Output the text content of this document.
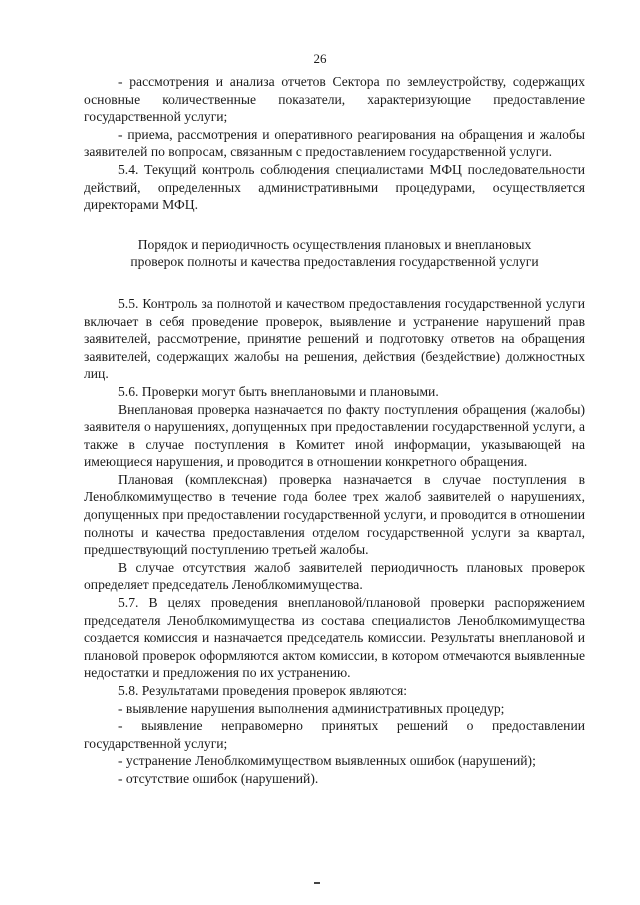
26

- рассмотрения и анализа отчетов Сектора по землеустройству, содержащих основные количественные показатели, характеризующие предоставление государственной услуги;

- приема, рассмотрения и оперативного реагирования на обращения и жалобы заявителей по вопросам, связанным с предоставлением государственной услуги.

5.4. Текущий контроль соблюдения специалистами МФЦ последовательности действий, определенных административными процедурами, осуществляется директорами МФЦ.

Порядок и периодичность осуществления плановых и внеплановых проверок полноты и качества предоставления государственной услуги

5.5. Контроль за полнотой и качеством предоставления государственной услуги включает в себя проведение проверок, выявление и устранение нарушений прав заявителей, рассмотрение, принятие решений и подготовку ответов на обращения заявителей, содержащих жалобы на решения, действия (бездействие) должностных лиц.

5.6. Проверки могут быть внеплановыми и плановыми.

Внеплановая проверка назначается по факту поступления обращения (жалобы) заявителя о нарушениях, допущенных при предоставлении государственной услуги, а также в случае поступления в Комитет иной информации, указывающей на имеющиеся нарушения, и проводится в отношении конкретного обращения.

Плановая (комплексная) проверка назначается в случае поступления в Леноблкомимущество в течение года более трех жалоб заявителей о нарушениях, допущенных при предоставлении государственной услуги, и проводится в отношении полноты и качества предоставления отделом государственной услуги за квартал, предшествующий поступлению третьей жалобы.

В случае отсутствия жалоб заявителей периодичность плановых проверок определяет председатель Леноблкомимущества.

5.7. В целях проведения внеплановой/плановой проверки распоряжением председателя Леноблкомимущества из состава специалистов Леноблкомимущества создается комиссия и назначается председатель комиссии. Результаты внеплановой и плановой проверок оформляются актом комиссии, в котором отмечаются выявленные недостатки и предложения по их устранению.

5.8. Результатами проведения проверок являются:

- выявление нарушения выполнения административных процедур;

- выявление неправомерно принятых решений о предоставлении государственной услуги;

- устранение Леноблкомимуществом выявленных ошибок (нарушений);

- отсутствие ошибок (нарушений).
